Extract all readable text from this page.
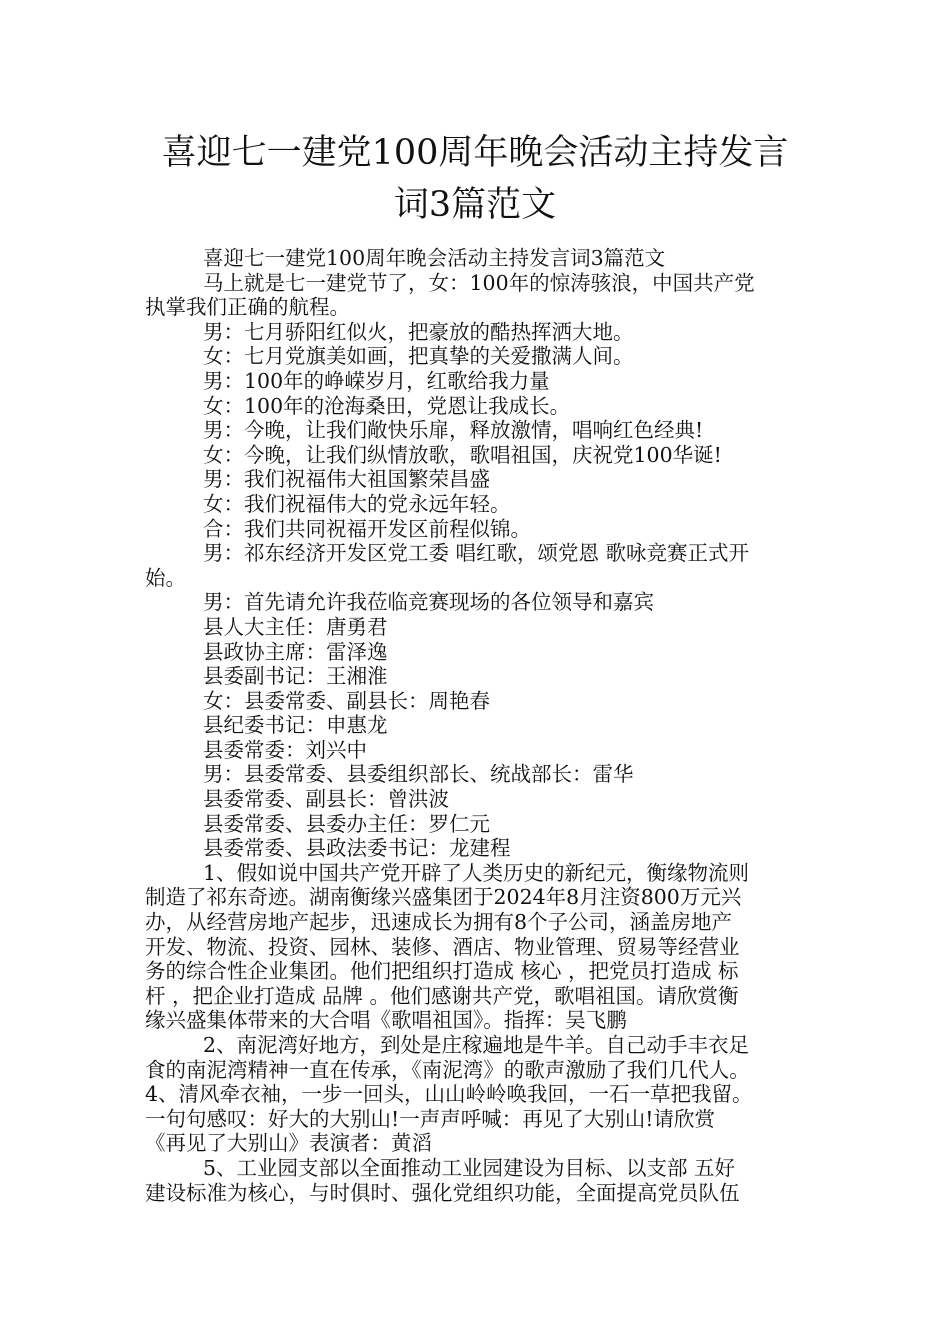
喜迎七一建党100周年晚会活动主持发言
词3篇范文
喜迎七一建党100周年晚会活动主持发言词3篇范文
马上就是七一建党节了，女：100年的惊涛骇浪，中国共产党
执掌我们正确的航程。
男：七月骄阳红似火，把豪放的酷热挥洒大地。
女：七月党旗美如画，把真挚的关爱撒满人间。
男：100年的峥嵘岁月，红歌给我力量
女：100年的沧海桑田，党恩让我成长。
男：今晚，让我们敞快乐扉，释放激情，唱响红色经典!
女：今晚，让我们纵情放歌，歌唱祖国，庆祝党100华诞!
男：我们祝福伟大祖国繁荣昌盛
女：我们祝福伟大的党永远年轻。
合：我们共同祝福开发区前程似锦。
男：祁东经济开发区党工委 唱红歌，颂党恩 歌咏竞赛正式开
始。
男：首先请允许我莅临竞赛现场的各位领导和嘉宾
县人大主任：唐勇君
县政协主席：雷泽逸
县委副书记：王湘淮
女：县委常委、副县长：周艳春
县纪委书记：申惠龙
县委常委：刘兴中
男：县委常委、县委组织部长、统战部长：雷华
县委常委、副县长：曾洪波
县委常委、县委办主任：罗仁元
县委常委、县政法委书记：龙建程
1、假如说中国共产党开辟了人类历史的新纪元，衡缘物流则
制造了祁东奇迹。湖南衡缘兴盛集团于2024年8月注资800万元兴
办，从经营房地产起步，迅速成长为拥有8个子公司，涵盖房地产
开发、物流、投资、园林、装修、酒店、物业管理、贸易等经营业
务的综合性企业集团。他们把组织打造成 核心 ，把党员打造成 标
杆 ，把企业打造成 品牌 。他们感谢共产党，歌唱祖国。请欣赏衡
缘兴盛集体带来的大合唱《歌唱祖国》。指挥：吴飞鹏
2、南泥湾好地方，到处是庄稼遍地是牛羊。自己动手丰衣足
食的南泥湾精神一直在传承，《南泥湾》的歌声激励了我们几代人。
4、清风牵衣袖，一步一回头，山山岭岭唤我回，一石一草把我留。
一句句感叹：好大的大别山!一声声呼喊：再见了大别山!请欣赏
《再见了大别山》表演者：黄滔
5、工业园支部以全面推动工业园建设为目标、以支部 五好
建设标准为核心，与时俱时、强化党组织功能，全面提高党员队伍
